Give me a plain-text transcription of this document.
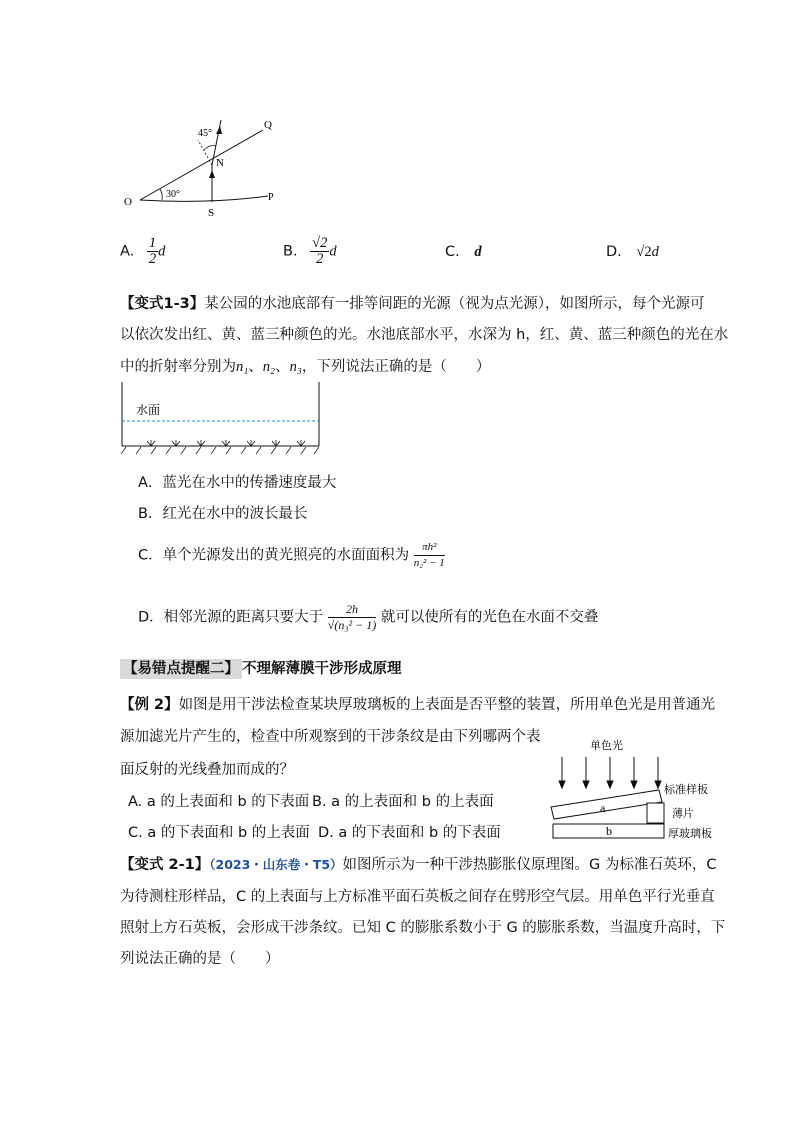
45°
N
Q
30°
O
S
P
A. $\frac{1}{2}$ d	B. $\frac{√2}{2}$ d	C. d	D. √2d
【变式1-3】某公园的水池底部有一排等间距的光源（视为点光源），如图所示，每个光源可
以依次发出红、黄、蓝三种颜色的光。水池底部水平，水深为 h，红、黄、蓝三种颜色的光在水
中的折射率分别为n₁、n₂、n₃，下列说法正确的是（　　）
水面
A．蓝光在水中的传播速度最大
B．红光在水中的波长最长
C．单个光源发出的黄光照亮的水面面积为 $\frac{\text{πh²}}{\text{n₂² − 1}}$
D．相邻光源的距离只要大于 $\frac{2h}{\text{√(n₃² − 1)}}$ 就可以使所有的光色在水面不交叠
【易错点提醒二】 不理解薄膜干涉形成原理
【例 2】如图是用干涉法检查某块厚玻璃板的上表面是否平整的装置，所用单色光是用普通光
源加滤光片产生的，检查中所观察到的干涉条纹是由下列哪两个表
面反射的光线叠加而成的？
A. a 的上表面和 b 的下表面 B. a 的上表面和 b 的上表面
C. a 的下表面和 b 的上表面 D. a 的下表面和 b 的下表面
单色光
a
b
标准样板
薄片
厚玻璃板
【变式 2-1】（2023・山东卷・T5）如图所示为一种干涉热膨胀仪原理图。G 为标准石英环，C
为待测柱形样品，C 的上表面与上方标准平面石英板之间存在劈形空气层。用单色平行光垂直
照射上方石英板，会形成干涉条纹。已知 C 的膨胀系数小于 G 的膨胀系数，当温度升高时，下
列说法正确的是（　　）
